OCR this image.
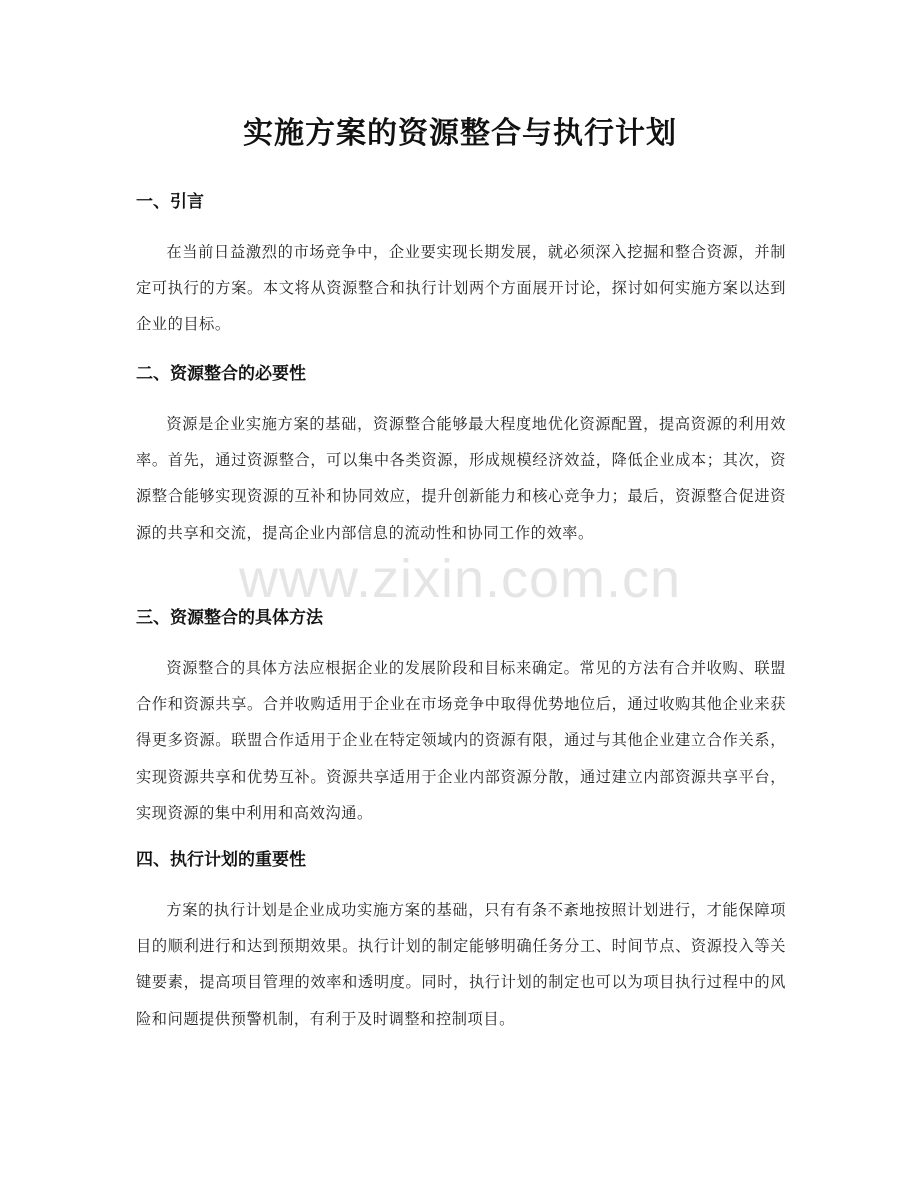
实施方案的资源整合与执行计划
一、引言

在当前日益激烈的市场竞争中，企业要实现长期发展，就必须深入挖掘和整合资源，并制定可执行的方案。本文将从资源整合和执行计划两个方面展开讨论，探讨如何实施方案以达到企业的目标。

二、资源整合的必要性

资源是企业实施方案的基础，资源整合能够最大程度地优化资源配置，提高资源的利用效率。首先，通过资源整合，可以集中各类资源，形成规模经济效益，降低企业成本；其次，资源整合能够实现资源的互补和协同效应，提升创新能力和核心竞争力；最后，资源整合促进资源的共享和交流，提高企业内部信息的流动性和协同工作的效率。

三、资源整合的具体方法

资源整合的具体方法应根据企业的发展阶段和目标来确定。常见的方法有合并收购、联盟合作和资源共享。合并收购适用于企业在市场竞争中取得优势地位后，通过收购其他企业来获得更多资源。联盟合作适用于企业在特定领域内的资源有限，通过与其他企业建立合作关系，实现资源共享和优势互补。资源共享适用于企业内部资源分散，通过建立内部资源共享平台，实现资源的集中利用和高效沟通。

四、执行计划的重要性

方案的执行计划是企业成功实施方案的基础，只有有条不紊地按照计划进行，才能保障项目的顺利进行和达到预期效果。执行计划的制定能够明确任务分工、时间节点、资源投入等关键要素，提高项目管理的效率和透明度。同时，执行计划的制定也可以为项目执行过程中的风险和问题提供预警机制，有利于及时调整和控制项目。

www.zixin.com.cn
